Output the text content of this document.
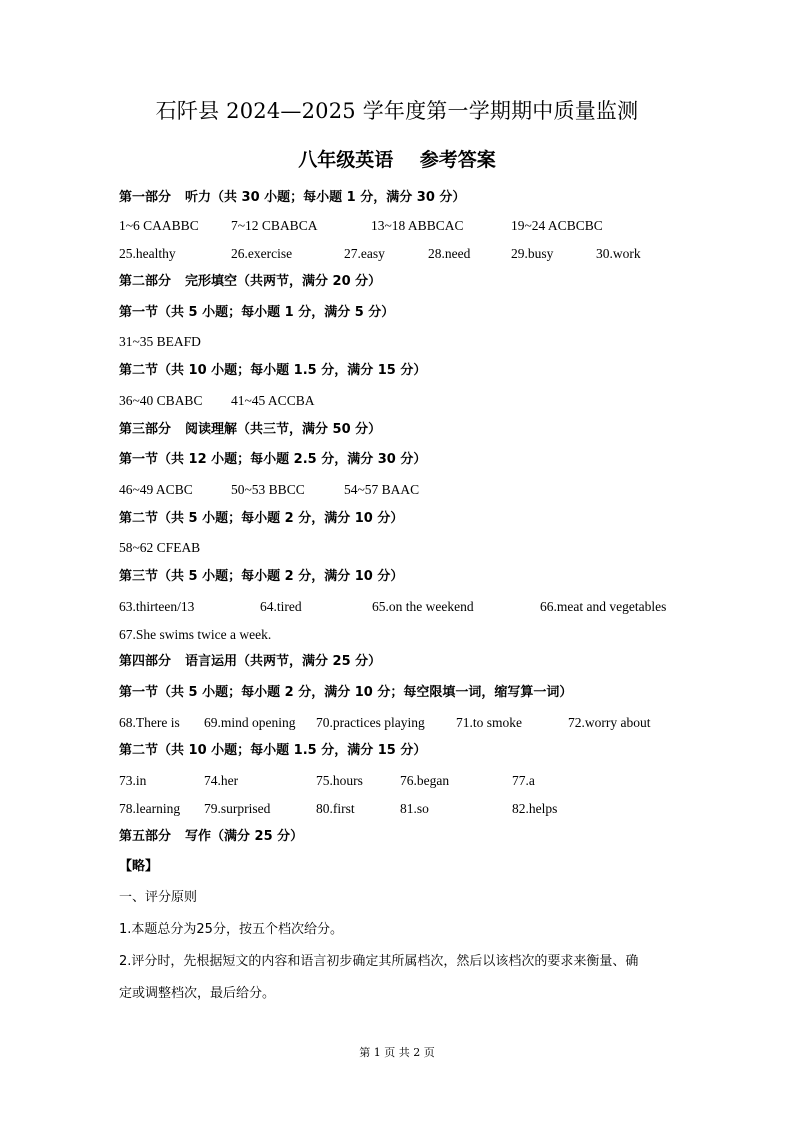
石阡县 2024—2025 学年度第一学期期中质量监测
八年级英语    参考答案
第一部分 听力（共 30 小题；每小题 1 分，满分 30 分）
1~6 CAABBC 7~12 CBABCA	13~18 ABBCAC	19~24 ACBCBC
25.healthy	26.exercise	27.easy	28.need	29.busy	30.work
第二部分 完形填空（共两节，满分 20 分）
第一节（共 5 小题；每小题 1 分，满分 5 分）
31~35 BEAFD
第二节（共 10 小题；每小题 1.5 分，满分 15 分）
36~40 CBABC 41~45 ACCBA
第三部分 阅读理解（共三节，满分 50 分）
第一节（共 12 小题；每小题 2.5 分，满分 30 分）
46~49 ACBC	50~53 BBCC	54~57 BAAC
第二节（共 5 小题；每小题 2 分，满分 10 分）
58~62 CFEAB
第三节（共 5 小题；每小题 2 分，满分 10 分）
63.thirteen/13	64.tired	65.on the weekend	66.meat and vegetables
67.She swims twice a week.
第四部分 语言运用（共两节，满分 25 分）
第一节（共 5 小题；每小题 2 分，满分 10 分；每空限填一词，缩写算一词）
68.There is 69.mind opening 70.practices playing 71.to smoke	72.worry about
第二节（共 10 小题；每小题 1.5 分，满分 15 分）
73.in	74.her	75.hours	76.began	77.a
78.learning 79.surprised	80.first	81.so	82.helps
第五部分 写作（满分 25 分）
【略】
一、评分原则
1.本题总分为25分，按五个档次给分。
2.评分时，先根据短文的内容和语言初步确定其所属档次，然后以该档次的要求来衡量、确
定或调整档次，最后给分。
第 1 页 共 2 页
